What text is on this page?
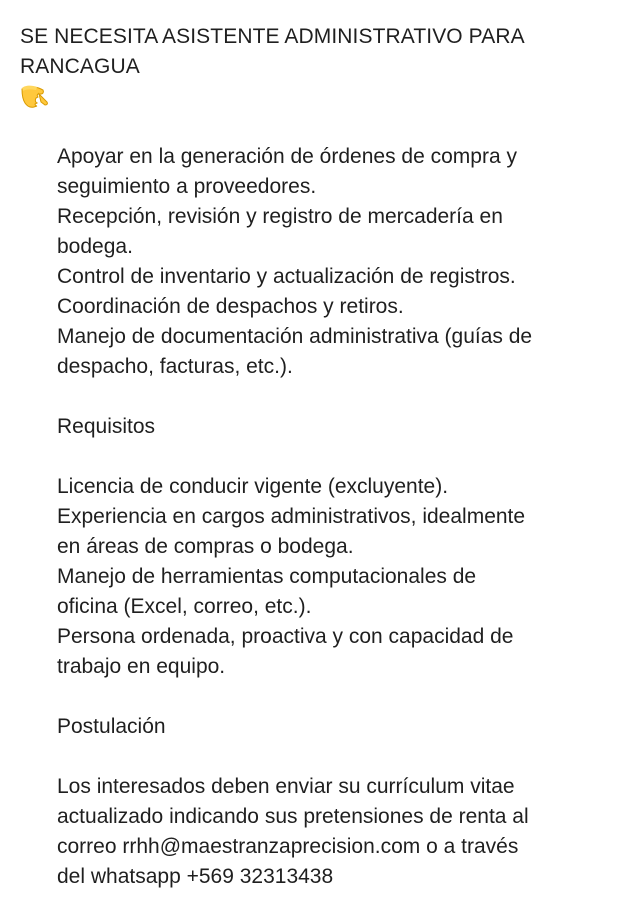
SE NECESITA ASISTENTE ADMINISTRATIVO PARA
RANCAGUA
Apoyar en la generación de órdenes de compra y
seguimiento a proveedores.
Recepción, revisión y registro de mercadería en
bodega.
Control de inventario y actualización de registros.
Coordinación de despachos y retiros.
Manejo de documentación administrativa (guías de
despacho, facturas, etc.).
Requisitos
Licencia de conducir vigente (excluyente).
Experiencia en cargos administrativos, idealmente
en áreas de compras o bodega.
Manejo de herramientas computacionales de
oficina (Excel, correo, etc.).
Persona ordenada, proactiva y con capacidad de
trabajo en equipo.
Postulación
Los interesados deben enviar su currículum vitae
actualizado indicando sus pretensiones de renta al
correo rrhh@maestranzaprecision.com o a través
del whatsapp +569 32313438
